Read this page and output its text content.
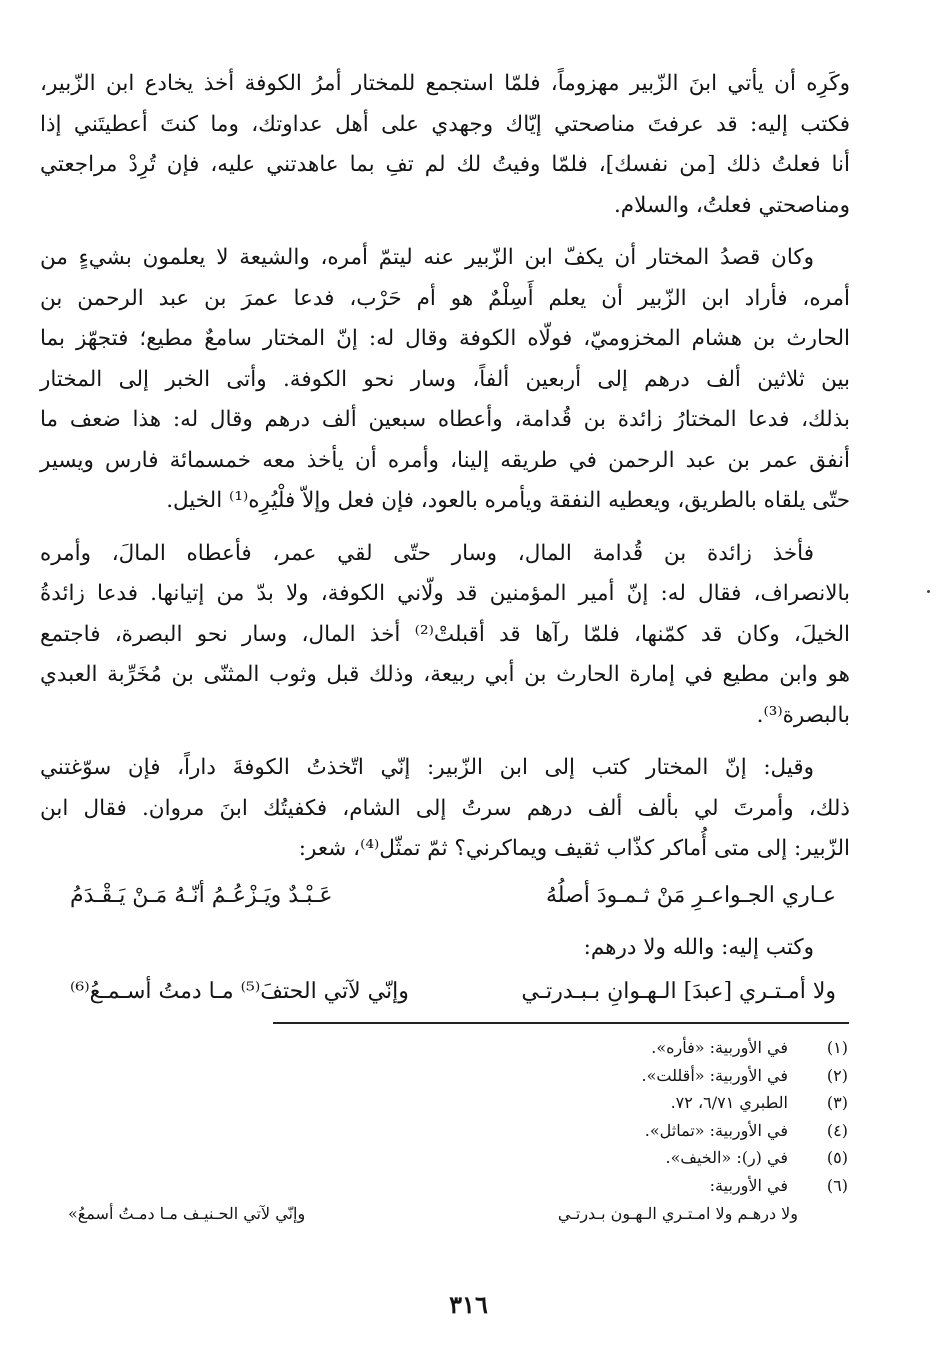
وكَرِه أن يأتي ابنَ الزّبير مهزوماً، فلمّا استجمع للمختار أمرُ الكوفة أخذ يخادع ابن الزّبير،
فكتب إليه: قد عرفتَ مناصحتي إيّاك وجهدي على أهل عداوتك، وما كنتَ أعطيتَني إذا
أنا فعلتُ ذلك [من نفسك]، فلمّا وفيتُ لك لم تفِ بما عاهدتني عليه، فإن تُرِدْ مراجعتي
ومناصحتي فعلتُ، والسلام.

وكان قصدُ المختار أن يكفّ ابن الزّبير عنه ليتمّ أمره، والشيعة لا يعلمون بشيءٍ من
أمره، فأراد ابن الزّبير أن يعلم أَسِلْمٌ هو أم حَرْب، فدعا عمرَ بن عبد الرحمن بن
الحارث بن هشام المخزوميّ، فولّاه الكوفة وقال له: إنّ المختار سامعٌ مطيع؛ فتجهّز بما
بين ثلاثين ألف درهم إلى أربعين ألفاً، وسار نحو الكوفة. وأتى الخبر إلى المختار
بذلك، فدعا المختارُ زائدة بن قُدامة، وأعطاه سبعين ألف درهم وقال له: هذا ضعف ما
أنفق عمر بن عبد الرحمن في طريقه إلينا، وأمره أن يأخذ معه خمسمائة فارس ويسير
حتّى يلقاه بالطريق، ويعطيه النفقة ويأمره بالعود، فإن فعل وإلاّ فلْيُرِه⁽¹⁾ الخيل.

فأخذ زائدة بن قُدامة المال، وسار حتّى لقي عمر، فأعطاه المالَ، وأمره
بالانصراف، فقال له: إنّ أمير المؤمنين قد ولّاني الكوفة، ولا بدّ من إتيانها. فدعا زائدةُ
الخيلَ، وكان قد كمّنها، فلمّا رآها قد أقبلتْ⁽²⁾ أخذ المال، وسار نحو البصرة، فاجتمع
هو وابن مطيع في إمارة الحارث بن أبي ربيعة، وذلك قبل وثوب المثنّى بن مُخَرِّبة العبدي
بالبصرة⁽³⁾.

وقيل: إنّ المختار كتب إلى ابن الزّبير: إنّي اتّخذتُ الكوفةَ داراً، فإن سوّغتني
ذلك، وأمرتَ لي بألف ألف درهم سرتُ إلى الشام، فكفيتُك ابنَ مروان. فقال ابن
الزّبير: إلى متى أُماكر كذّاب ثقيف ويماكرني؟ ثمّ تمثّل⁽⁴⁾، شعر:

عـاري الجـواعـرِ مَنْ ثـمـودَ أصلُهُ
عَـبْـدٌ ويَـزْعُـمُ أنّـهُ مَـنْ يَـقْـدَمُ

وكتب إليه: والله ولا درهم:

ولا أمـتـري [عبدَ] الـهـوانِ بـبـدرتـي
وإنّي لآتي الحتفَ⁽⁵⁾ مـا دمتُ أسـمـعُ⁽⁶⁾
(١)
في الأوربية: «فأره».
(٢)
في الأوربية: «أقللت».
(٣)
الطبري ٦/٧١، ٧٢.
(٤)
في الأوربية: «تماثل».
(٥)
في (ر): «الخيف».
(٦)
في الأوربية:
ولا درهـم ولا امـتـري الـهـون بـدرتـي
وإنّي لآتي الحـنيـف مـا دمـتُ أسمعُ»
٣١٦
